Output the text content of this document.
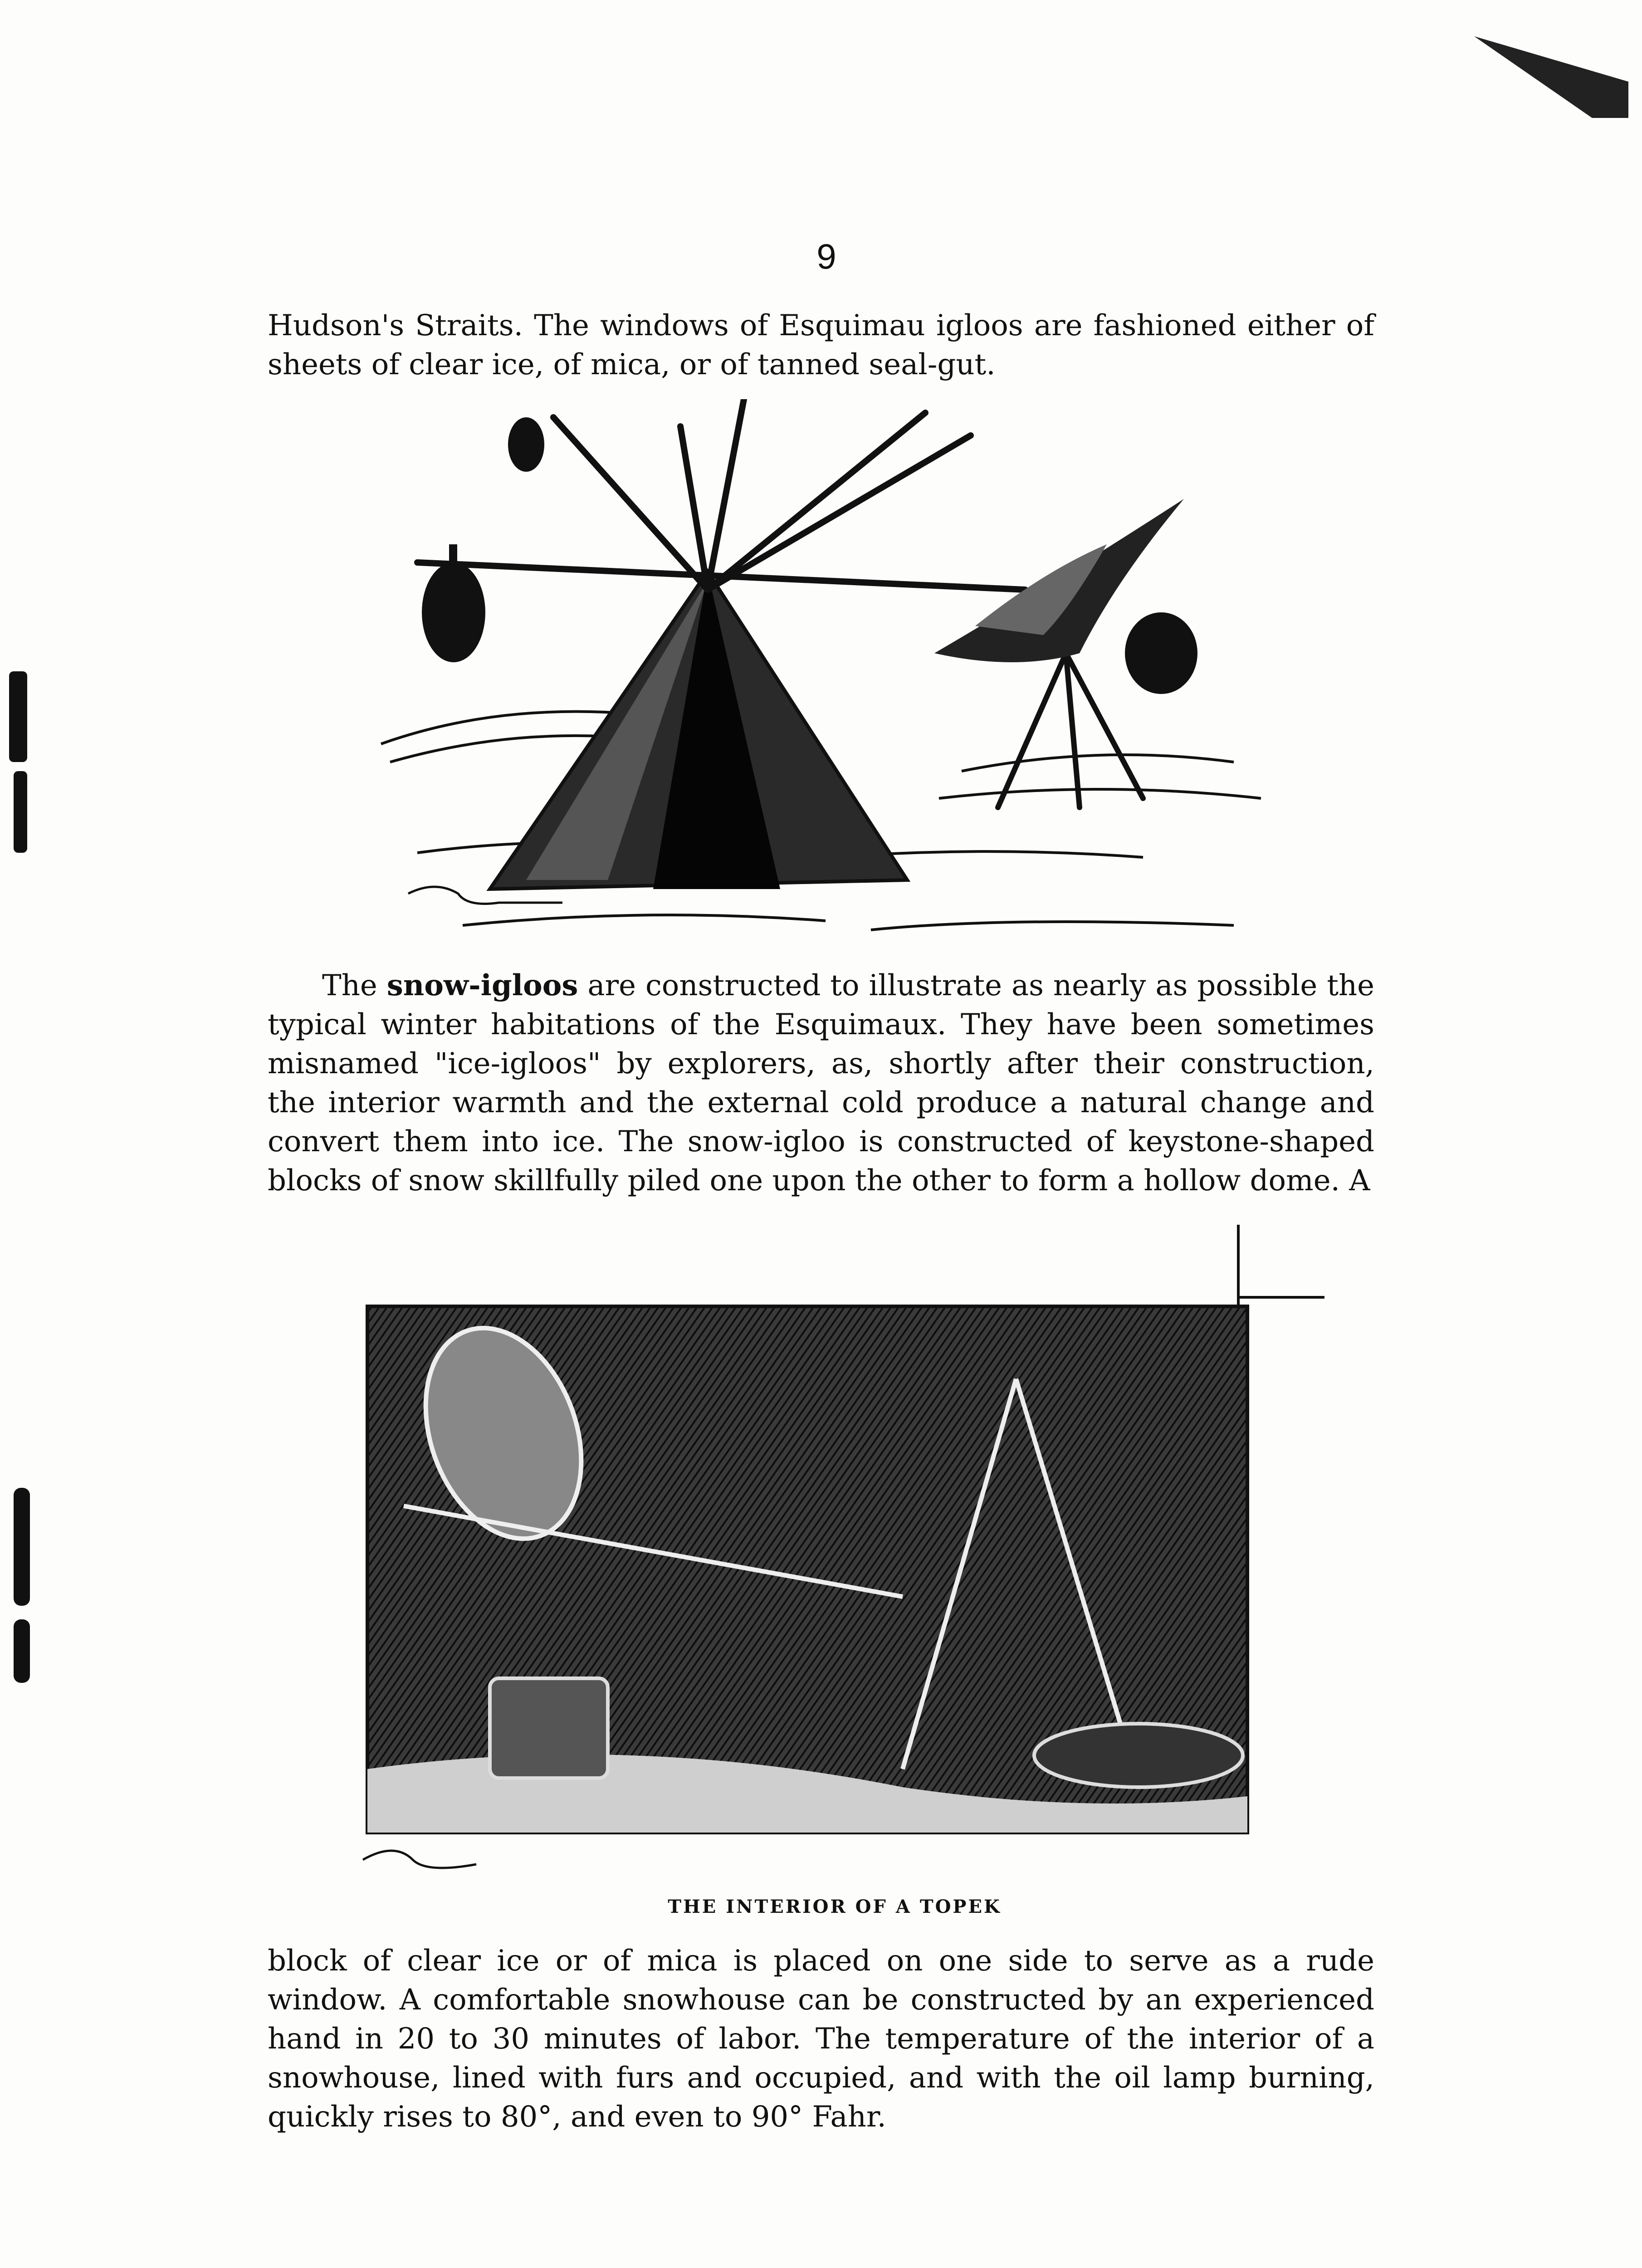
9

Hudson's Straits. The windows of Esquimau igloos are fashioned either of sheets of clear ice, of mica, or of tanned seal-gut.

The snow-igloos are constructed to illustrate as nearly as possible the typical winter habitations of the Esquimaux. They have been sometimes misnamed "ice-igloos" by explorers, as, shortly after their construction, the interior warmth and the external cold produce a natural change and convert them into ice. The snow-igloo is constructed of keystone-shaped blocks of snow skillfully piled one upon the other to form a hollow dome. A

THE INTERIOR OF A TOPEK

block of clear ice or of mica is placed on one side to serve as a rude window. A comfortable snowhouse can be constructed by an experienced hand in 20 to 30 minutes of labor. The temperature of the interior of a snowhouse, lined with furs and occupied, and with the oil lamp burning, quickly rises to 80°, and even to 90° Fahr.
